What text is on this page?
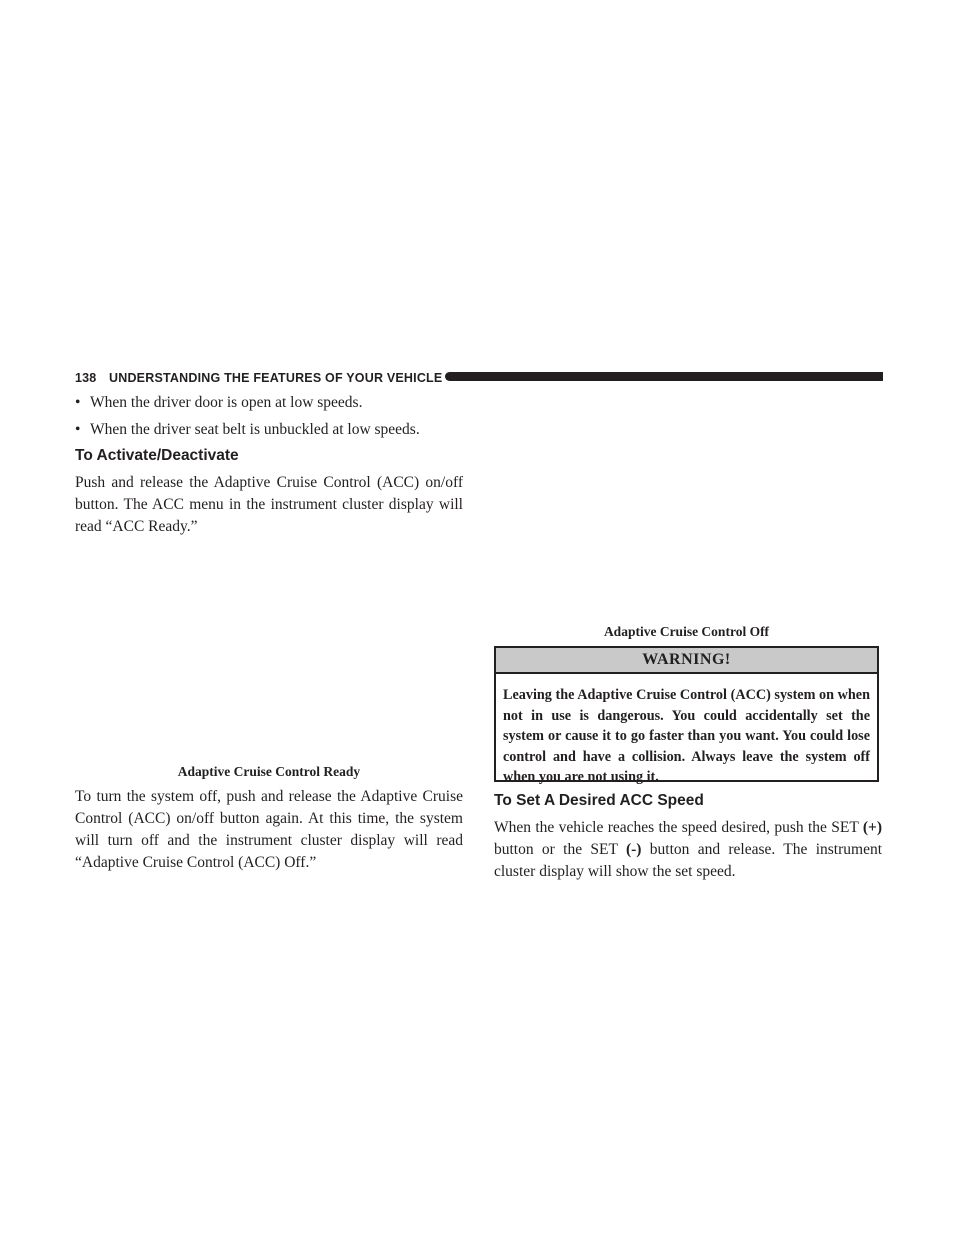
138 UNDERSTANDING THE FEATURES OF YOUR VEHICLE
• When the driver door is open at low speeds.
• When the driver seat belt is unbuckled at low speeds.
To Activate/Deactivate
Push and release the Adaptive Cruise Control (ACC) on/off button. The ACC menu in the instrument cluster display will read “ACC Ready.”
Adaptive Cruise Control Ready
To turn the system off, push and release the Adaptive Cruise Control (ACC) on/off button again. At this time, the system will turn off and the instrument cluster display will read “Adaptive Cruise Control (ACC) Off.”
Adaptive Cruise Control Off
WARNING!
Leaving the Adaptive Cruise Control (ACC) system on when not in use is dangerous. You could accidentally set the system or cause it to go faster than you want. You could lose control and have a collision. Always leave the system off when you are not using it.
To Set A Desired ACC Speed
When the vehicle reaches the speed desired, push the SET (+) button or the SET (-) button and release. The instrument cluster display will show the set speed.
